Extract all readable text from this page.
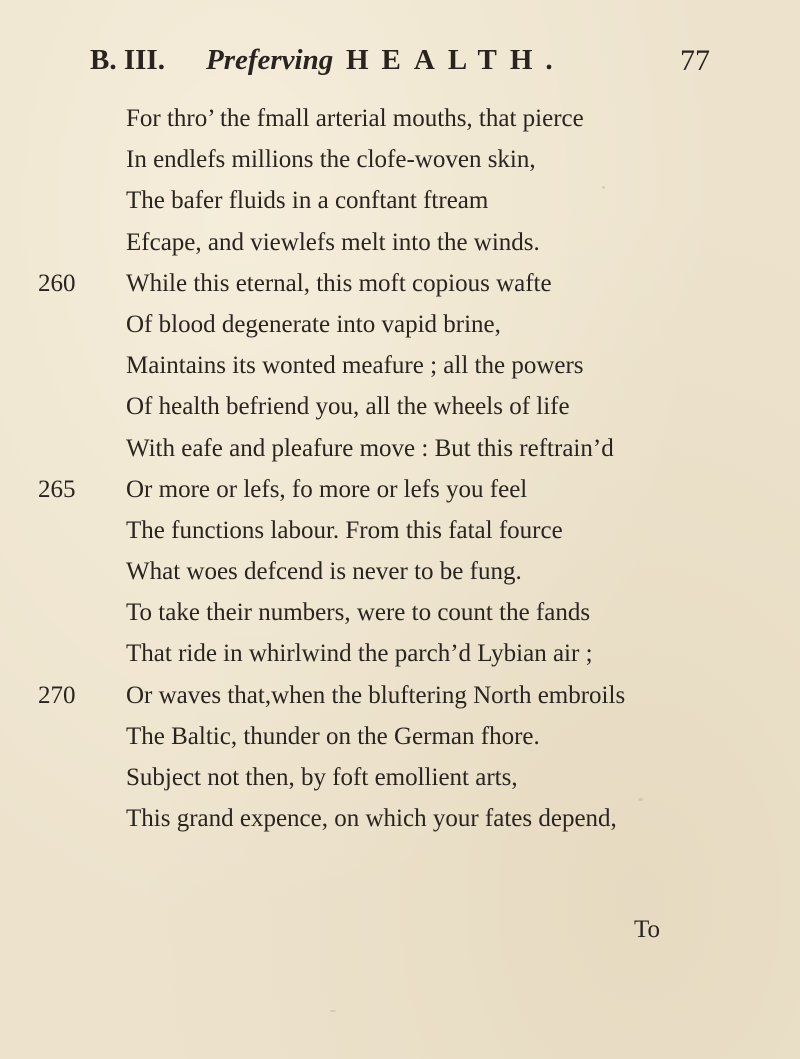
B. III. Preferving HEALTH.	77
For thro’ the fmall arterial mouths, that pierce
In endlefs millions the clofe-woven skin,
The bafer fluids in a conftant ftream
Efcape, and viewlefs melt into the winds.
260 While this eternal, this moft copious wafte
Of blood degenerate into vapid brine,
Maintains its wonted meafure ; all the powers
Of health befriend you, all the wheels of life
With eafe and pleafure move : But this reftrain’d
265 Or more or lefs, fo more or lefs you feel
The functions labour. From this fatal fource
What woes defcend is never to be fung.
To take their numbers, were to count the fands
That ride in whirlwind the parch’d Lybian air ;
270 Or waves that,when the bluftering North embroils
The Baltic, thunder on the German fhore.
Subject not then, by foft emollient arts,
This grand expence, on which your fates depend,
To
